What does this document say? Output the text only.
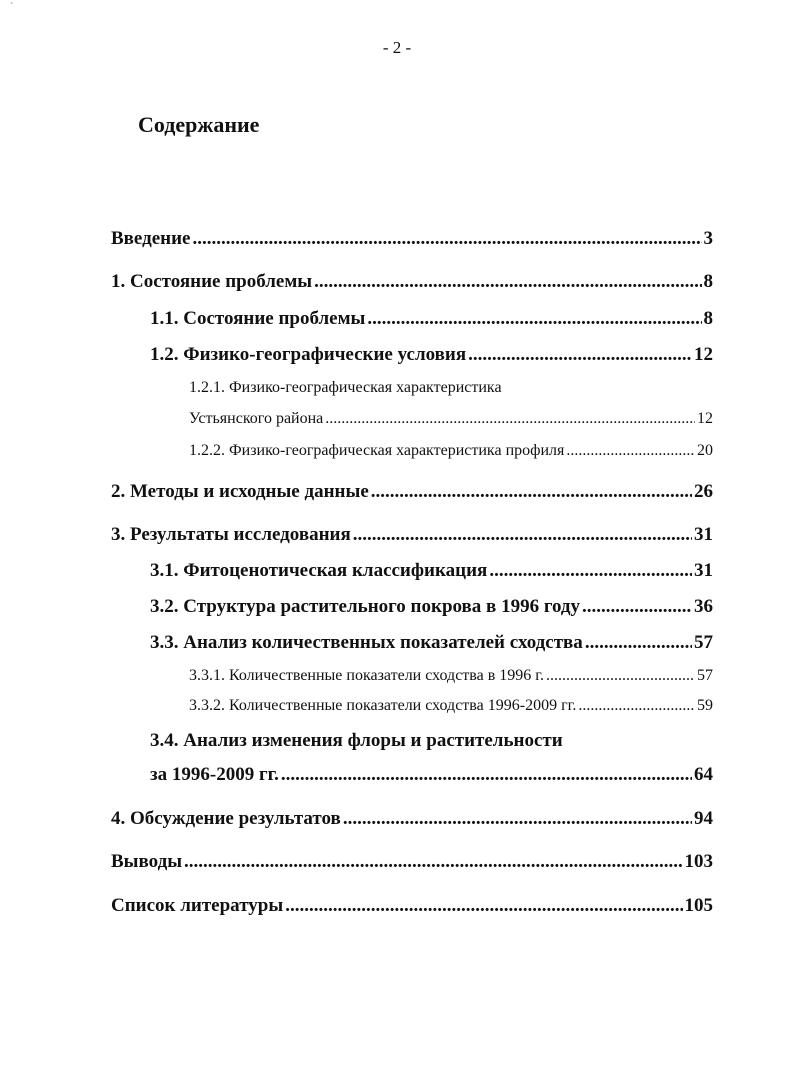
`
- 2 -
Содержание
Введение .....	3
1. Состояние проблемы .....	8
1.1. Состояние проблемы .....	8
1.2. Физико-географические условия .....	12
1.2.1. Физико-географическая характеристика
Устьянского района .....	12
1.2.2. Физико-географическая характеристика профиля .....	20
2. Методы и исходные данные .....	26
3. Результаты исследования .....	31
3.1. Фитоценотическая классификация .....	31
3.2. Структура растительного покрова в 1996 году .....	36
3.3. Анализ количественных показателей сходства .....	57
3.3.1. Количественные показатели сходства в 1996 г. .....	57
3.3.2. Количественные показатели сходства 1996-2009 гг. .....	59
3.4. Анализ изменения флоры и растительности
за 1996-2009 гг. .....	64
4. Обсуждение результатов .....	94
Выводы .....	103
Список литературы .....	105
